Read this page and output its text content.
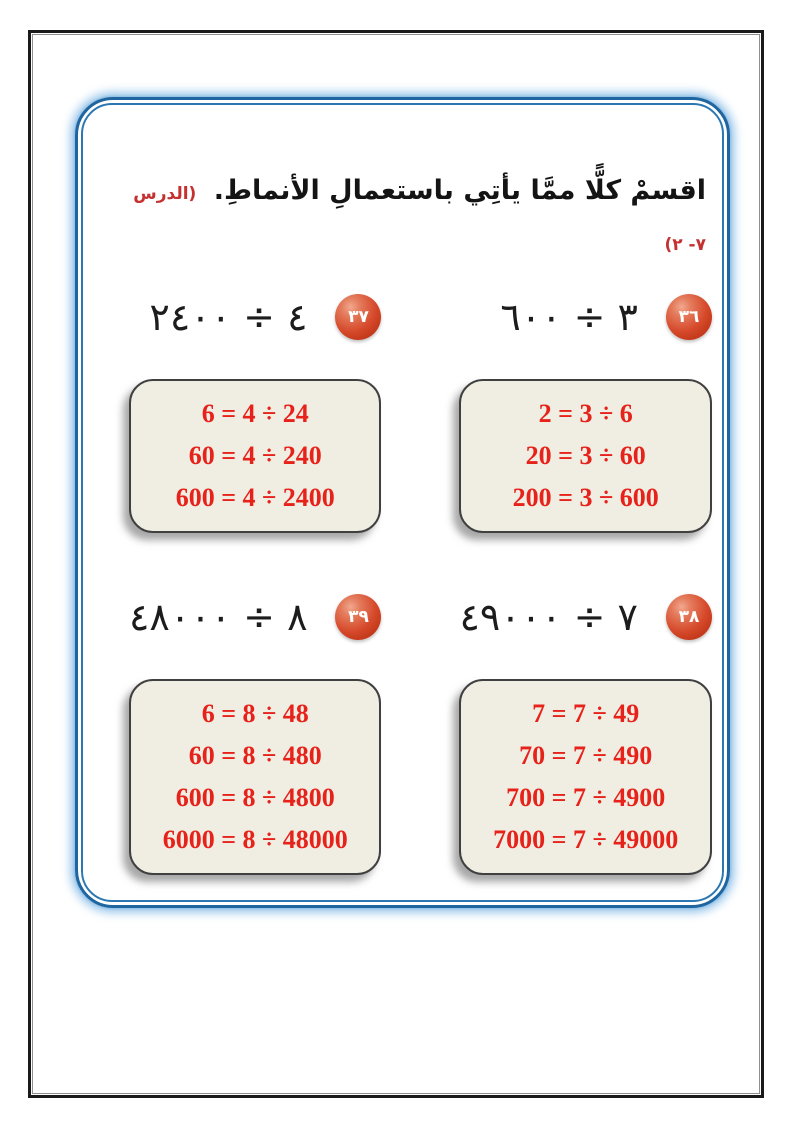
اقسمْ كلًّا ممَّا يأتِي باستعمالِ الأنماطِ. (الدرس ٧- ٢)
٣٧
٤ ÷ ٢٤٠٠	٣٦
٣ ÷ ٦٠٠
6 = 4 ÷ 24
60 = 4 ÷ 240
600 = 4 ÷ 2400
2 = 3 ÷ 6
20 = 3 ÷ 60
200 = 3 ÷ 600
٣٩
٨ ÷ ٤٨٠٠٠	٣٨
٧ ÷ ٤٩٠٠٠
6 = 8 ÷ 48
60 = 8 ÷ 480
600 = 8 ÷ 4800
6000 = 8 ÷ 48000
7 = 7 ÷ 49
70 = 7 ÷ 490
700 = 7 ÷ 4900
7000 = 7 ÷ 49000
